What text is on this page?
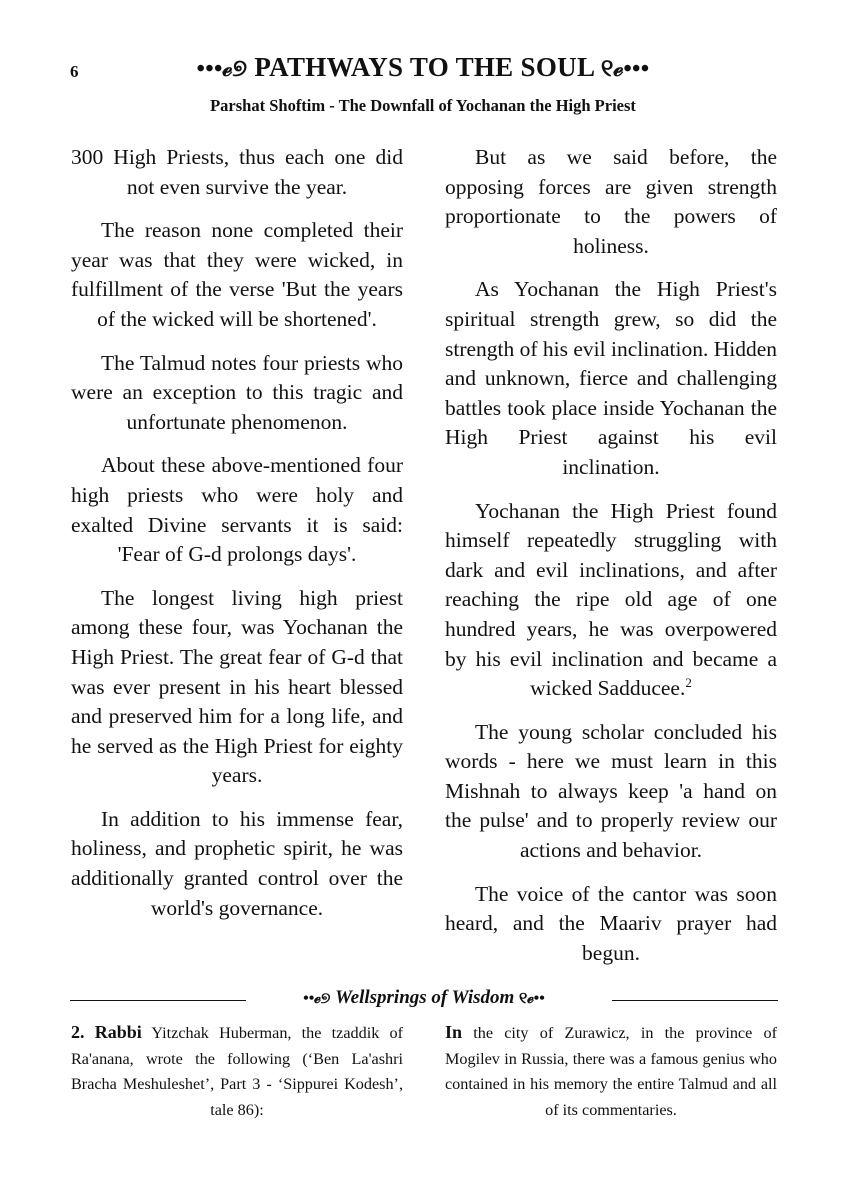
6	•••ℯ୭ PATHWAYS TO THE SOUL ୧ℯ•••
Parshat Shoftim - The Downfall of Yochanan the High Priest

300 High Priests, thus each one did not even survive the year.

The reason none completed their year was that they were wicked, in fulfillment of the verse 'But the years of the wicked will be shortened'.

The Talmud notes four priests who were an exception to this tragic and unfortunate phenomenon.

About these above-mentioned four high priests who were holy and exalted Divine servants it is said: 'Fear of G-d prolongs days'.

The longest living high priest among these four, was Yochanan the High Priest. The great fear of G-d that was ever present in his heart blessed and preserved him for a long life, and he served as the High Priest for eighty years.

In addition to his immense fear, holiness, and prophetic spirit, he was additionally granted control over the world's governance.

But as we said before, the opposing forces are given strength proportionate to the powers of holiness.

As Yochanan the High Priest's spiritual strength grew, so did the strength of his evil inclination. Hidden and unknown, fierce and challenging battles took place inside Yochanan the High Priest against his evil inclination.

Yochanan the High Priest found himself repeatedly struggling with dark and evil inclinations, and after reaching the ripe old age of one hundred years, he was overpowered by his evil inclination and became a wicked Sadducee.$^2$

The young scholar concluded his words - here we must learn in this Mishnah to always keep 'a hand on the pulse' and to properly review our actions and behavior.

The voice of the cantor was soon heard, and the Maariv prayer had begun.

••ℯ୭ Wellsprings of Wisdom ୧ℯ••
2. Rabbi Yitzchak Huberman, the tzaddik of Ra'anana, wrote the following (‘Ben La'ashri Bracha Meshuleshet’, Part 3 - ‘Sippurei Kodesh’, tale 86):
In the city of Zurawicz, in the province of Mogilev in Russia, there was a famous genius who contained in his memory the entire Talmud and all of its commentaries.
